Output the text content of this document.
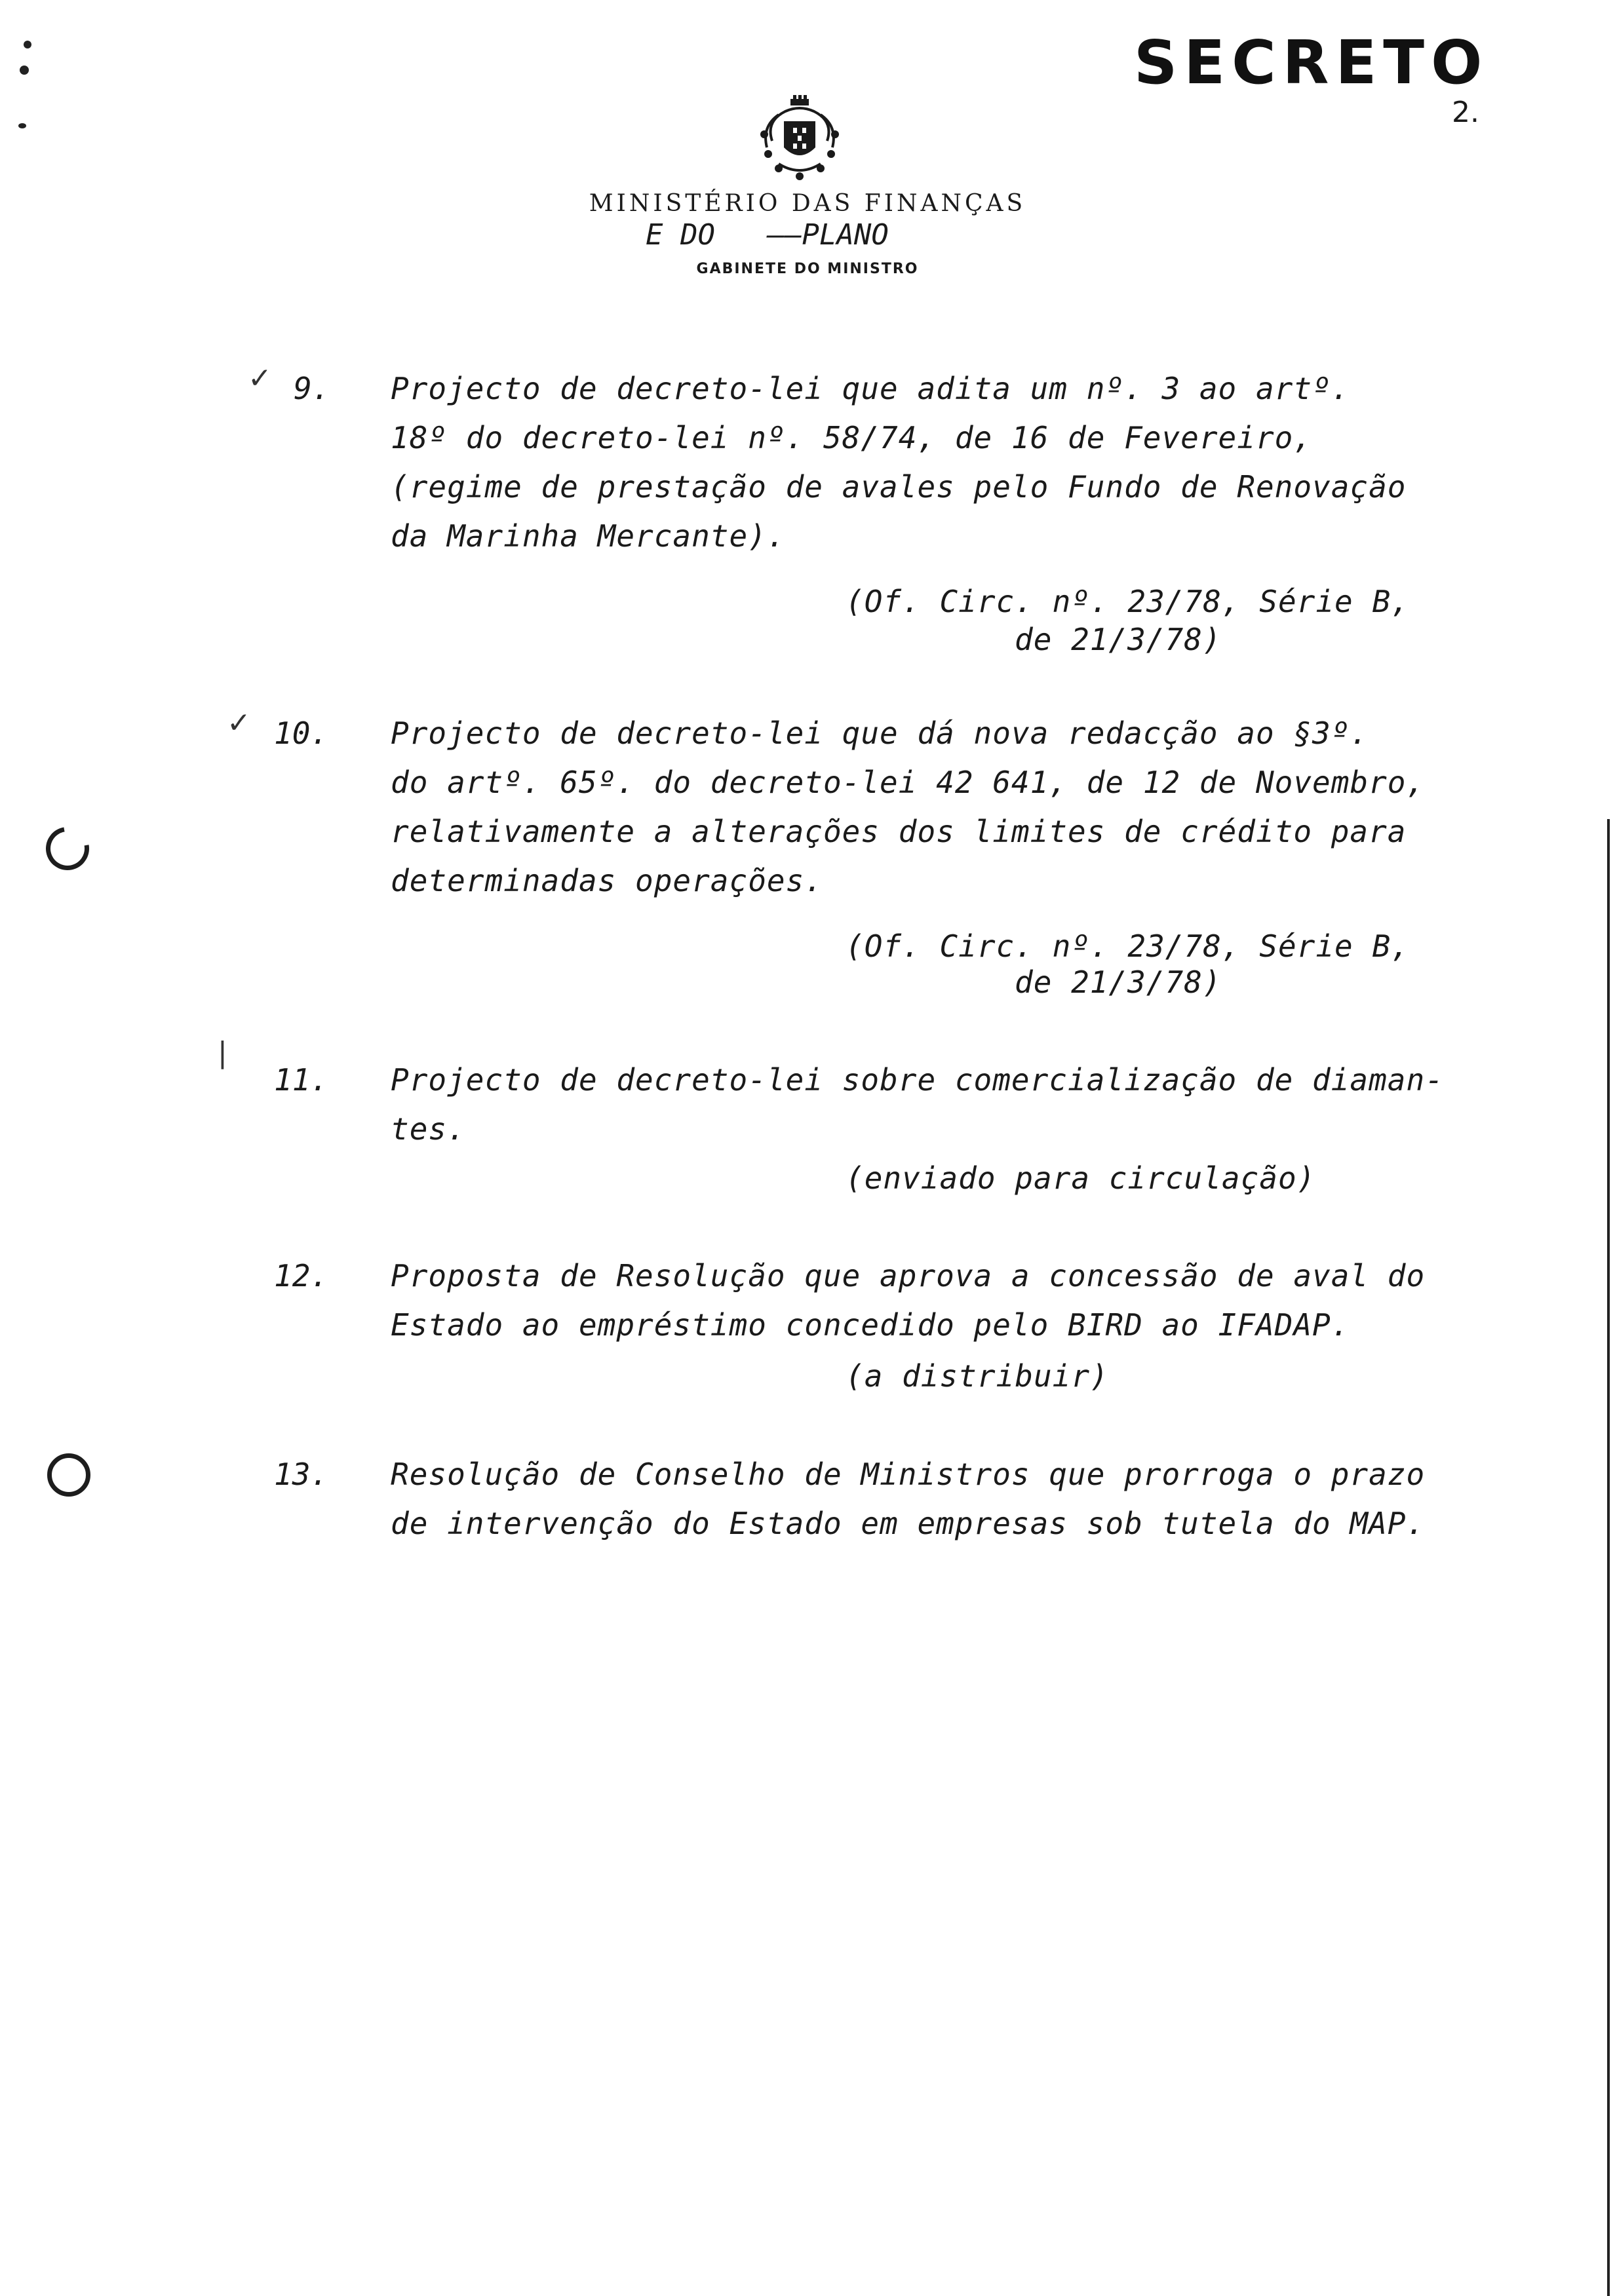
SECRETO
2.
MINISTÉRIO DAS FINANÇAS
E DO   ——PLANO
GABINETE DO MINISTRO
✓ 9. Projecto de decreto-lei que adita um nº. 3 ao artº.
18º do decreto-lei nº. 58/74, de 16 de Fevereiro,
(regime de prestação de avales pelo Fundo de Renovação
da Marinha Mercante).
(Of. Circ. nº. 23/78, Série B,
de 21/3/78)
✓ 10. Projecto de decreto-lei que dá nova redacção ao §3º.
do artº. 65º. do decreto-lei 42 641, de 12 de Novembro,
relativamente a alterações dos limites de crédito para
determinadas operações.
(Of. Circ. nº. 23/78, Série B,
de 21/3/78)
|
11. Projecto de decreto-lei sobre comercialização de diaman-
tes.
(enviado para circulação)
12. Proposta de Resolução que aprova a concessão de aval do
Estado ao empréstimo concedido pelo BIRD ao IFADAP.
(a distribuir)
13. Resolução de Conselho de Ministros que prorroga o prazo
de intervenção do Estado em empresas sob tutela do MAP.
